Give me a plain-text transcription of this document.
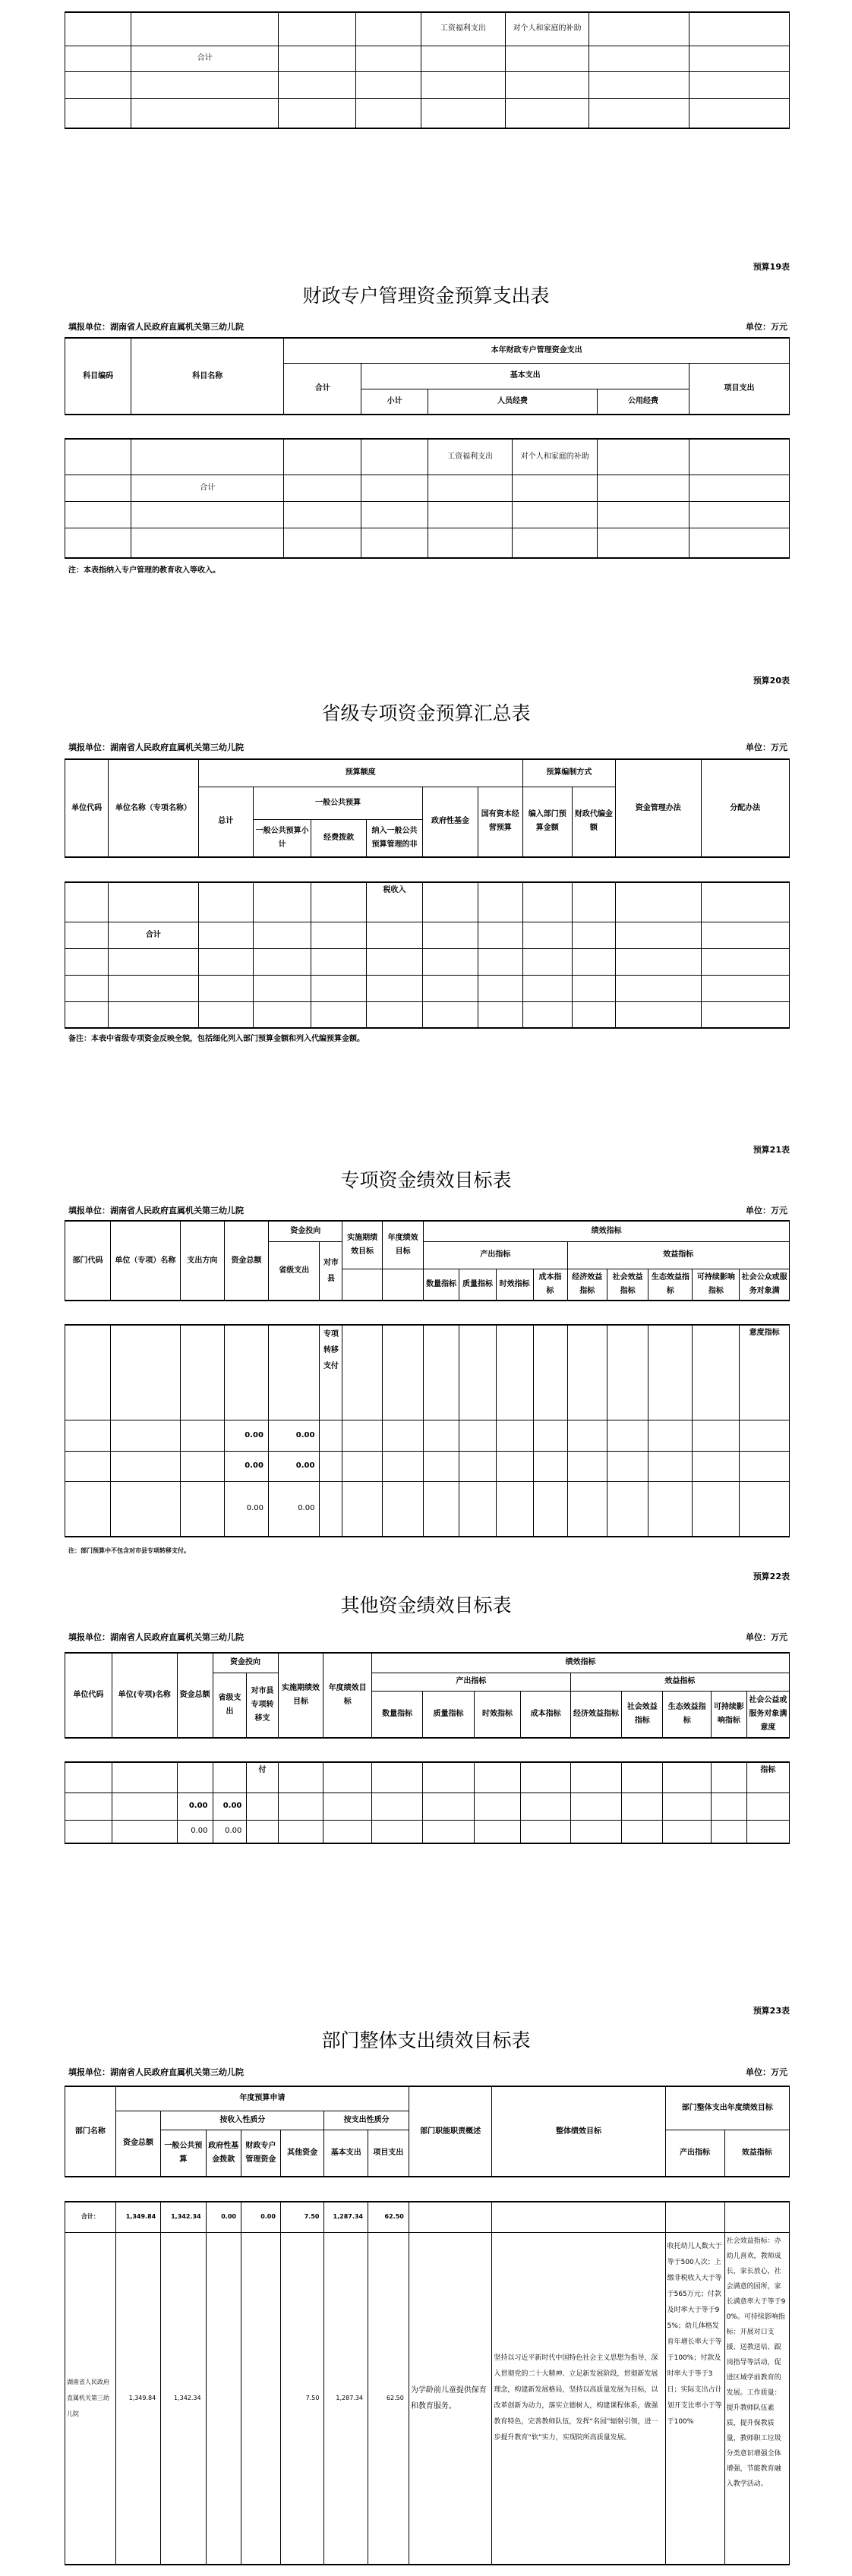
				工资福利支出	对个人和家庭的补助		
	合计						

预算19表
财政专户管理资金预算支出表
填报单位：湖南省人民政府直属机关第三幼儿院	单位：万元
科目编码	科目名称	本年财政专户管理资金支出				
		合计	基本支出			项目支出
			小计	人员经费	公用经费	
				工资福利支出	对个人和家庭的补助		
	合计						

注：本表指纳入专户管理的教育收入等收入。
预算20表
省级专项资金预算汇总表
填报单位：湖南省人民政府直属机关第三幼儿院	单位：万元
单位代码	单位名称（专项名称）	预算额度						预算编制方式		资金管理办法	分配办法
		总计	一般公共预算			政府性基金	国有资本经营预算	编入部门预算金额	财政代编金额		
			一般公共预算小计	经费拨款	纳入一般公共预算管理的非						
					税收入						
	合计										

备注：本表中省级专项资金反映全貌，包括细化列入部门预算金额和列入代编预算金额。
预算21表
专项资金绩效目标表
填报单位：湖南省人民政府直属机关第三幼儿院	单位：万元
部门代码	单位（专项）名称	支出方向	资金总额	资金投向		实施期绩效目标	年度绩效目标	绩效指标								
				省级支出	对市县			产出指标				效益指标				
								数量指标	质量指标	时效指标	成本指标	经济效益指标	社会效益指标	生态效益指标	可持续影响指标	社会公众或服务对象满
					专项转移支付											意度指标
			0.00	0.00												
			0.00	0.00												
			0.00	0.00												
注：部门预算中不包含对市县专项转移支付。
预算22表
其他资金绩效目标表
填报单位：湖南省人民政府直属机关第三幼儿院	单位：万元
单位代码	单位(专项)名称	资金总额	资金投向		实施期绩效目标	年度绩效目标	绩效指标								
			省级支出	对市县专项转移支			产出指标				效益指标				
							数量指标	质量指标	时效指标	成本指标	经济效益指标	社会效益指标	生态效益指标	可持续影响指标	社会公益或服务对象满意度
				付											指标
		0.00	0.00												
		0.00	0.00												
预算23表
部门整体支出绩效目标表
填报单位：湖南省人民政府直属机关第三幼儿院	单位：万元
部门名称	年度预算申请							部门职能职责概述	整体绩效目标	部门整体支出年度绩效目标	
	资金总额	按收入性质分				按支出性质分					
		一般公共预算	政府性基金拨款	财政专户管理资金	其他资金	基本支出	项目支出			产出指标	效益指标
合计：	1,349.84	1,342.34	0.00	0.00	7.50	1,287.34	62.50				
湖南省人民政府直属机关第三幼儿院	1,349.84	1,342.34			7.50	1,287.34	62.50	为学龄前儿童提供保育和教育服务。	坚持以习近平新时代中国特色社会主义思想为指导，深入贯彻党的二十大精神、立足新发展阶段，贯彻新发展理念，构建新发展格局，坚持以高质量发展为目标，以改革创新为动力，落实立德树人，构建课程体系，做强教育特色，完善教师队伍，发挥“名园”辐射引领，进一步提升教育“软”实力，实现院所高质量发展。	收托幼儿人数大于等于500人次；上缴非税收入大于等于565万元；付款及时率大于等于95%；幼儿体格发育年增长率大于等于100%；付款及时率大于等于3日；实际支出占计划开支比率小于等于100%	社会效益指标：办幼儿喜欢，教师成长，家长放心，社会满意的园所，家长满意率大于等于90%。可持续影响指标：开展对口支援、送教送培、跟岗指导等活动，促进区域学前教育的发展。工作质量：提升教师队伍素质，提升保教质量，教师职工垃圾分类意识增强全体增强，节能教育融入教学活动。
